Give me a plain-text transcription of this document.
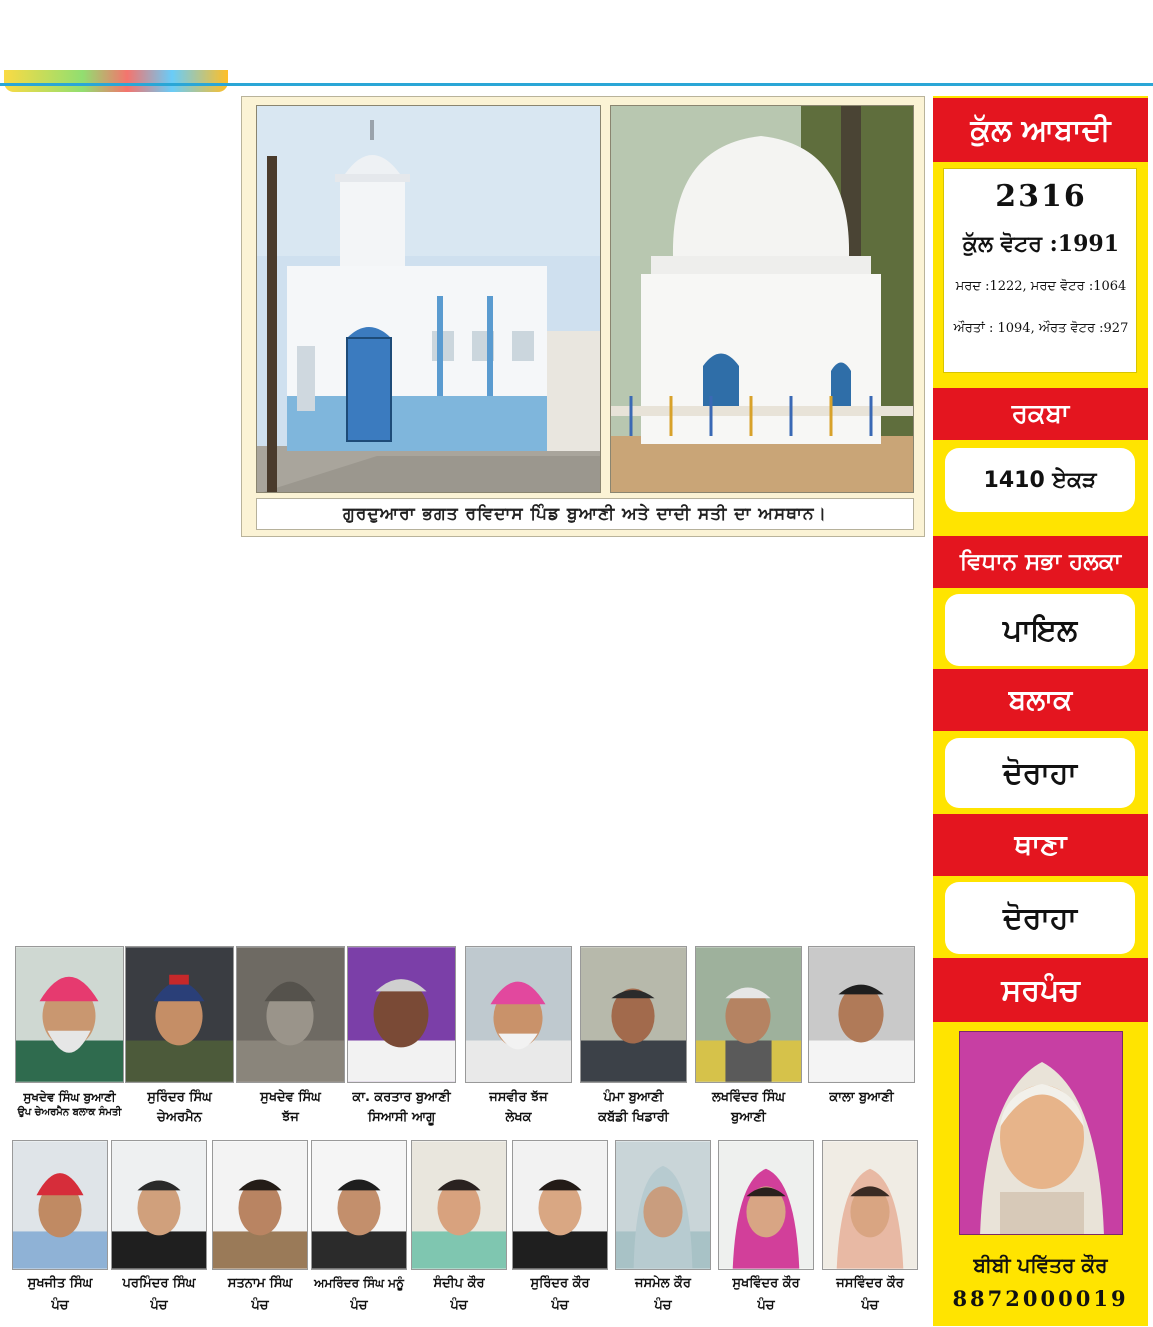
ਗੁਰਦੁਆਰਾ ਭਗਤ ਰਵਿਦਾਸ ਪਿੰਡ ਬੁਆਣੀ ਅਤੇ ਦਾਦੀ ਸਤੀ ਦਾ ਅਸਥਾਨ।
ਕੁੱਲ ਆਬਾਦੀ
2316
ਕੁੱਲ ਵੋਟਰ :1991
ਮਰਦ :1222, ਮਰਦ ਵੋਟਰ :1064
ਔਰਤਾਂ : 1094, ਔਰਤ ਵੋਟਰ :927
ਰਕਬਾ
1410 ਏਕੜ
ਵਿਧਾਨ ਸਭਾ ਹਲਕਾ
ਪਾਇਲ
ਬਲਾਕ
ਦੋਰਾਹਾ
ਥਾਣਾ
ਦੋਰਾਹਾ
ਸਰਪੰਚ
ਬੀਬੀ ਪਵਿੱਤਰ ਕੌਰ
8872000019
ਸੁਖਦੇਵ ਸਿੰਘ ਬੁਆਣੀ
ਉਪ ਚੇਅਰਮੈਨ ਬਲਾਕ ਸੰਮਤੀ
ਸੁਰਿੰਦਰ ਸਿੰਘ
ਚੇਅਰਮੈਨ
ਸੁਖਦੇਵ ਸਿੰਘ
ਝੱਜ
ਕਾ. ਕਰਤਾਰ ਬੁਆਣੀ
ਸਿਆਸੀ ਆਗੂ
ਜਸਵੀਰ ਝੱਜ
ਲੇਖਕ
ਪੰਮਾ ਬੁਆਣੀ
ਕਬੱਡੀ ਖਿਡਾਰੀ
ਲਖਵਿੰਦਰ ਸਿੰਘ
ਬੁਆਣੀ
ਕਾਲਾ ਬੁਆਣੀ
ਸੁਖਜੀਤ ਸਿੰਘ
ਪੰਚ
ਪਰਮਿੰਦਰ ਸਿੰਘ
ਪੰਚ
ਸਤਨਾਮ ਸਿੰਘ
ਪੰਚ
ਅਮਰਿੰਦਰ ਸਿੰਘ ਮਨੂੰ
ਪੰਚ
ਸੰਦੀਪ ਕੌਰ
ਪੰਚ
ਸੁਰਿੰਦਰ ਕੌਰ
ਪੰਚ
ਜਸਮੇਲ ਕੌਰ
ਪੰਚ
ਸੁਖਵਿੰਦਰ ਕੌਰ
ਪੰਚ
ਜਸਵਿੰਦਰ ਕੌਰ
ਪੰਚ
